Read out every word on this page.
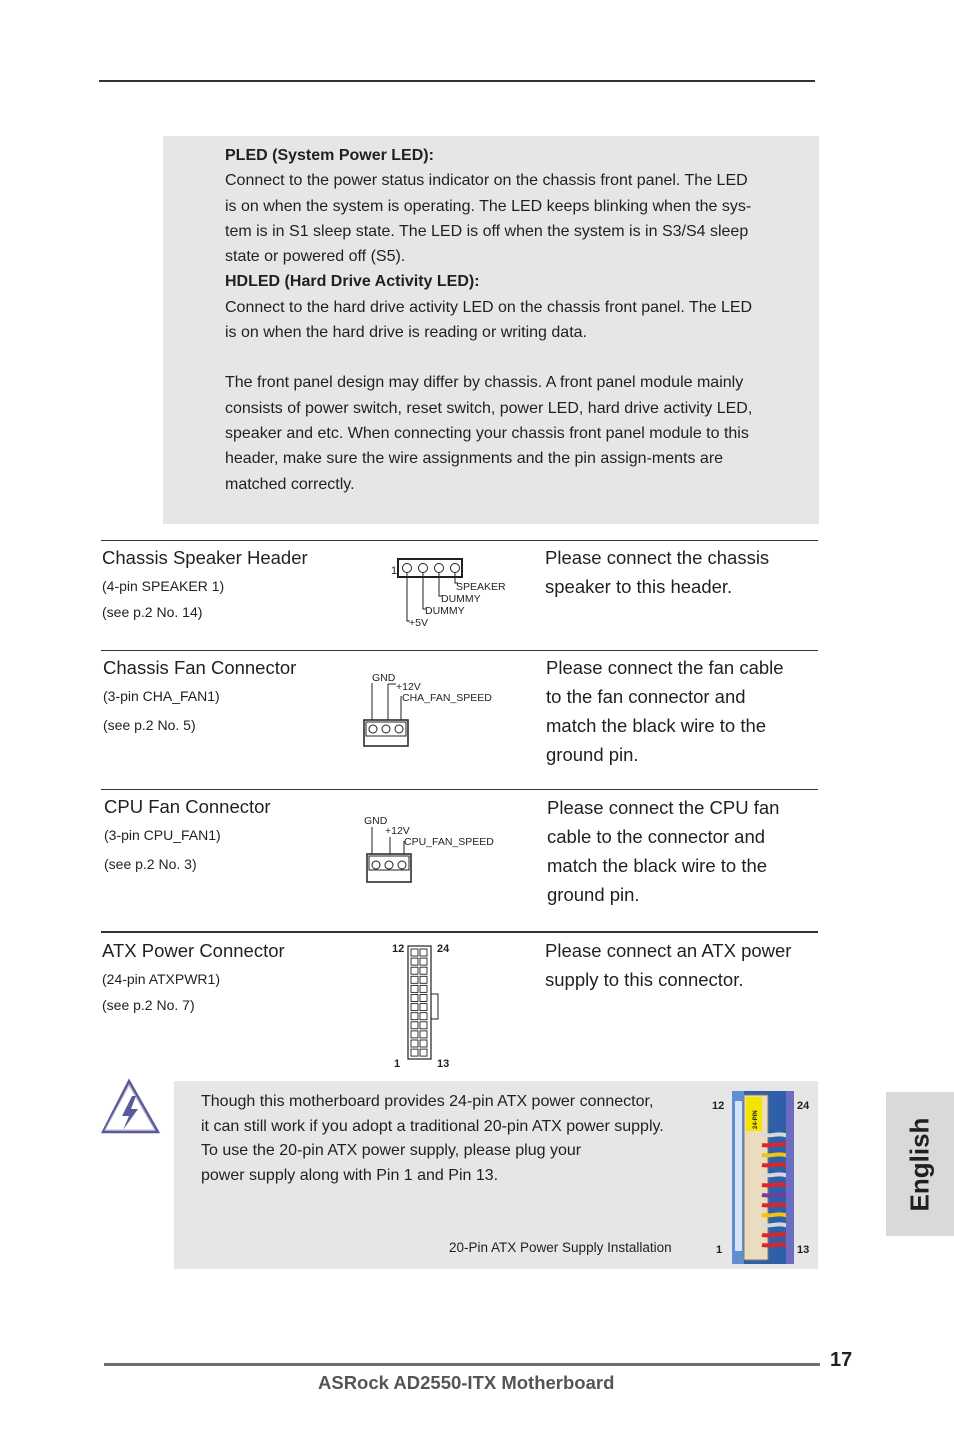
PLED (System Power LED):

Connect to the power status indicator on the chassis front panel. The LED

is on when the system is operating. The LED keeps blinking when the sys-

tem is in S1 sleep state. The LED is off when the system is in S3/S4 sleep

state or powered off (S5).

HDLED (Hard Drive Activity LED):

Connect to the hard drive activity LED on the chassis front panel. The LED

is on when the hard drive is reading or writing data.

The front panel design may differ by chassis. A front panel module mainly

consists of power switch, reset switch, power LED, hard drive activity LED,

speaker and etc. When connecting your chassis front panel module to this

header, make sure the wire assignments and the pin assign-ments are

matched correctly.

Chassis Speaker Header
(4-pin SPEAKER 1)
(see p.2 No. 14)
Please connect the chassis
speaker to this header.
1
SPEAKER
DUMMY
DUMMY
+5V
Chassis Fan Connector
(3-pin CHA_FAN1)
(see p.2 No. 5)
Please connect the fan cable
to the fan connector and
match the black wire to the
ground pin.
GND
+12V
CHA_FAN_SPEED
CPU Fan Connector
(3-pin CPU_FAN1)
(see p.2 No. 3)
Please connect the CPU fan
cable to the connector and
match the black wire to the
ground pin.
GND
+12V
CPU_FAN_SPEED
ATX Power Connector
(24-pin ATXPWR1)
(see p.2 No. 7)
Please connect an ATX power
supply to this connector.
12	24
1	13
Though this motherboard provides 24-pin ATX power connector,
it can still work if you adopt a traditional 20-pin ATX power supply.
To use the 20-pin ATX power supply, please plug your
power supply along with Pin 1 and Pin 13.
20-Pin ATX Power Supply Installation
12	24
1	13
24-PIN	English
17
ASRock AD2550-ITX Motherboard
